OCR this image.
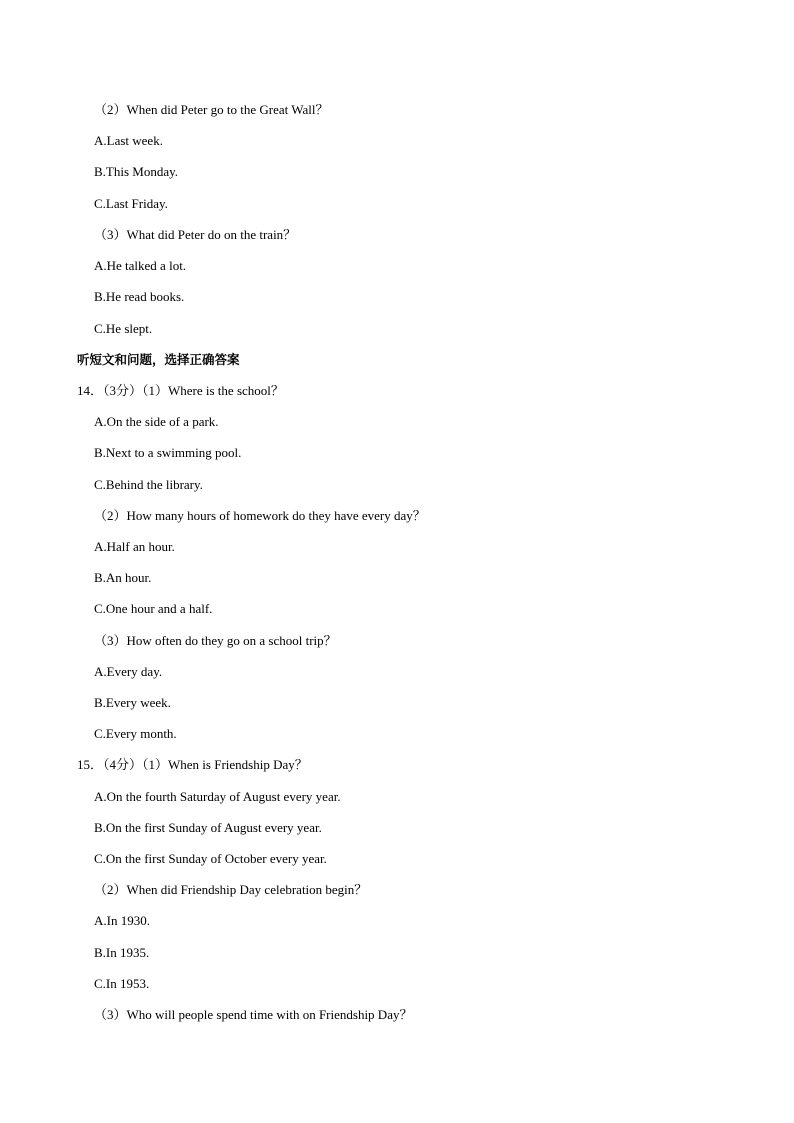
（2）When did Peter go to the Great Wall？
A.Last week.
B.This Monday.
C.Last Friday.
（3）What did Peter do on the train？
A.He talked a lot.
B.He read books.
C.He slept.
听短文和问题，选择正确答案
14．（3分）（1）Where is the school？
A.On the side of a park.
B.Next to a swimming pool.
C.Behind the library.
（2）How many hours of homework do they have every day？
A.Half an hour.
B.An hour.
C.One hour and a half.
（3）How often do they go on a school trip？
A.Every day.
B.Every week.
C.Every month.
15．（4分）（1）When is Friendship Day？
A.On the fourth Saturday of August every year.
B.On the first Sunday of August every year.
C.On the first Sunday of October every year.
（2）When did Friendship Day celebration begin？
A.In 1930.
B.In 1935.
C.In 1953.
（3）Who will people spend time with on Friendship Day？
